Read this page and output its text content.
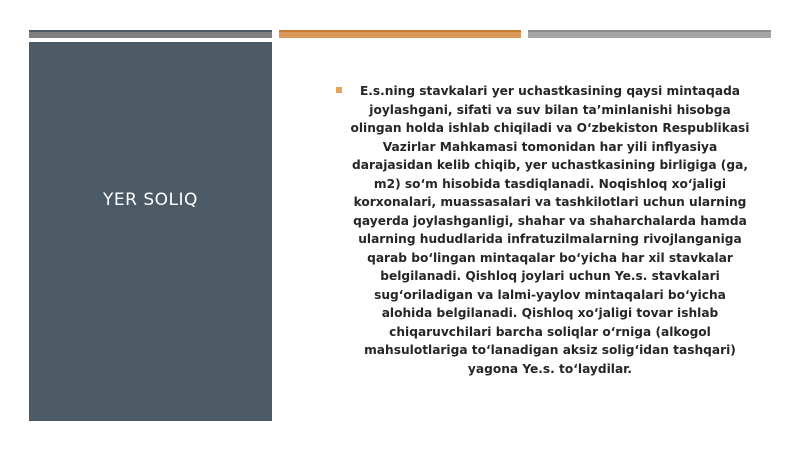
YER SOLIQ

E.s.ning stavkalari yer uchastkasining qaysi mintaqada joylashgani, sifati va suv bilan ta’minlanishi hisobga olingan holda ishlab chiqiladi va O‘zbekiston Respublikasi Vazirlar Mahkamasi tomonidan har yili inflyasiya darajasidan kelib chiqib, yer uchastkasining birligiga (ga, m2) so‘m hisobida tasdiqlanadi. Noqishloq xo‘jaligi korxonalari, muassasalari va tashkilotlari uchun ularning qayerda joylashganligi, shahar va shaharchalarda hamda ularning hududlarida infratuzilmalarning rivojlanganiga qarab bo‘lingan mintaqalar bo‘yicha har xil stavkalar belgilanadi. Qishloq joylari uchun Ye.s. stavkalari sug‘oriladigan va lalmi-yaylov mintaqalari bo‘yicha alohida belgilanadi. Qishloq xo‘jaligi tovar ishlab chiqaruvchilari barcha soliqlar o‘rniga (alkogol mahsulotlariga to‘lanadigan aksiz solig‘idan tashqari) yagona Ye.s. to‘laydilar.
